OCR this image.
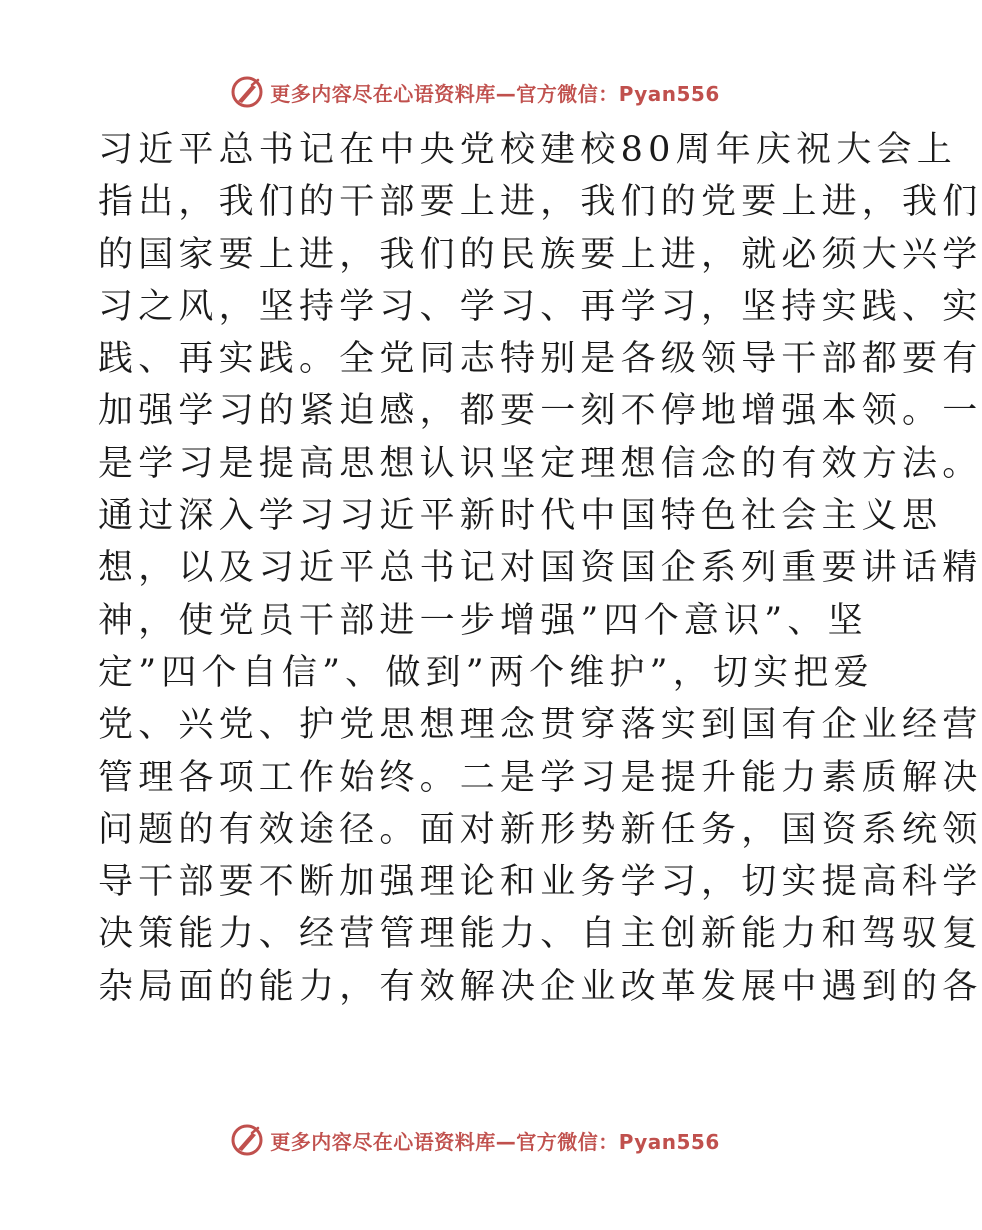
更多内容尽在心语资料库—官方微信：Pyan556
习近平总书记在中央党校建校80周年庆祝大会上
指出，我们的干部要上进，我们的党要上进，我们
的国家要上进，我们的民族要上进，就必须大兴学
习之风，坚持学习、学习、再学习，坚持实践、实
践、再实践。全党同志特别是各级领导干部都要有
加强学习的紧迫感，都要一刻不停地增强本领。一
是学习是提高思想认识坚定理想信念的有效方法。
通过深入学习习近平新时代中国特色社会主义思
想，以及习近平总书记对国资国企系列重要讲话精
神，使党员干部进一步增强”四个意识”、坚
定”四个自信”、做到”两个维护”，切实把爱
党、兴党、护党思想理念贯穿落实到国有企业经营
管理各项工作始终。二是学习是提升能力素质解决
问题的有效途径。面对新形势新任务，国资系统领
导干部要不断加强理论和业务学习，切实提高科学
决策能力、经营管理能力、自主创新能力和驾驭复
杂局面的能力，有效解决企业改革发展中遇到的各
更多内容尽在心语资料库—官方微信：Pyan556
